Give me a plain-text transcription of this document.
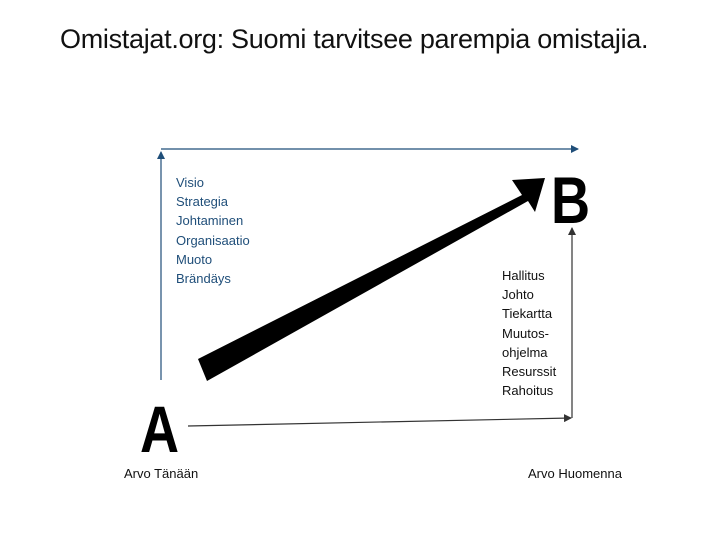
Omistajat.org: Suomi tarvitsee parempia omistajia.
Visio
Strategia
Johtaminen
Organisaatio
Muoto
Brändäys	Hallitus
Johto
Tiekartta
Muutos-
ohjelma
Resurssit
Rahoitus
A
B
Arvo Tänään	Arvo Huomenna
